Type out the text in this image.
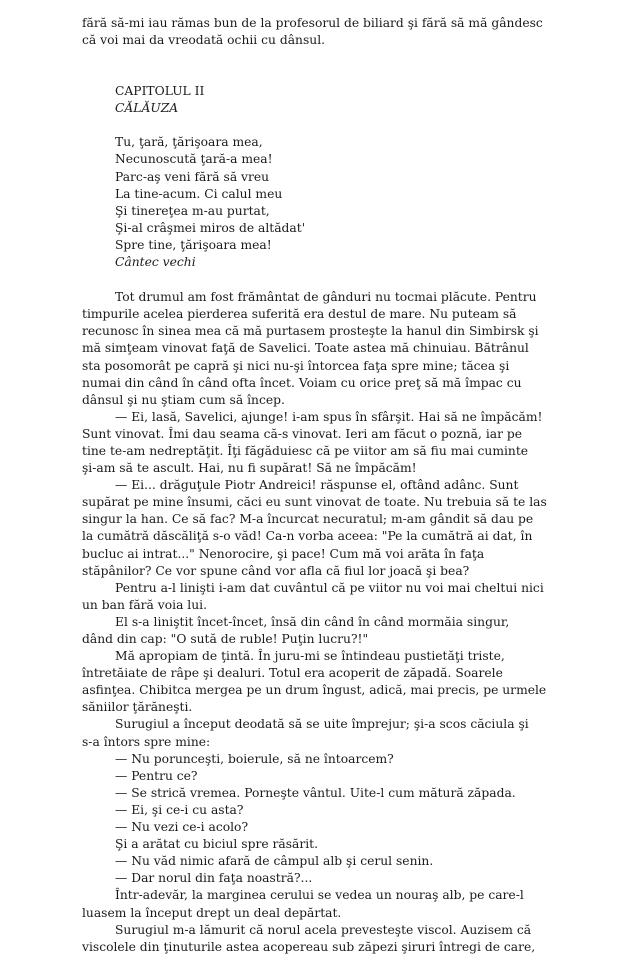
fără să-mi iau rămas bun de la profesorul de biliard şi fără să mă gândesc
că voi mai da vreodată ochii cu dânsul.
CAPITOLUL II
CĂLĂUZA
Tu, ţară, ţărişoara mea,
Necunoscută ţară-a mea!
Parc-aş veni fără să vreu
La tine-acum. Ci calul meu
Şi tinereţea m-au purtat,
Şi-al crâşmei miros de altădat'
Spre tine, ţărişoara mea!
Cântec vechi
Tot drumul am fost frământat de gânduri nu tocmai plăcute. Pentru
timpurile acelea pierderea suferită era destul de mare. Nu puteam să
recunosc în sinea mea că mă purtasem prosteşte la hanul din Simbirsk şi
mă simţeam vinovat faţă de Savelici. Toate astea mă chinuiau. Bătrânul
sta posomorât pe capră şi nici nu-şi întorcea faţa spre mine; tăcea şi
numai din când în când ofta încet. Voiam cu orice preţ să mă împac cu
dânsul şi nu ştiam cum să încep.
— Ei, lasă, Savelici, ajunge! i-am spus în sfârşit. Hai să ne împăcăm!
Sunt vinovat. Îmi dau seama că-s vinovat. Ieri am făcut o poznă, iar pe
tine te-am nedreptăţit. Îţi făgăduiesc că pe viitor am să fiu mai cuminte
şi-am să te ascult. Hai, nu fi supărat! Să ne împăcăm!
— Ei... drăguţule Piotr Andreici! răspunse el, oftând adânc. Sunt
supărat pe mine însumi, căci eu sunt vinovat de toate. Nu trebuia să te las
singur la han. Ce să fac? M-a încurcat necuratul; m-am gândit să dau pe
la cumătră dăscăliţă s-o văd! Ca-n vorba aceea: "Pe la cumătră ai dat, în
bucluc ai intrat..." Nenorocire, şi pace! Cum mă voi arăta în faţa
stăpânilor? Ce vor spune când vor afla că fiul lor joacă şi bea?
Pentru a-l linişti i-am dat cuvântul că pe viitor nu voi mai cheltui nici
un ban fără voia lui.
El s-a liniştit încet-încet, însă din când în când mormăia singur,
dând din cap: "O sută de ruble! Puţin lucru?!"
Mă apropiam de ţintă. În juru-mi se întindeau pustietăţi triste,
întretăiate de râpe şi dealuri. Totul era acoperit de zăpadă. Soarele
asfinţea. Chibitca mergea pe un drum îngust, adică, mai precis, pe urmele
săniilor ţărăneşti.
Surugiul a început deodată să se uite împrejur; şi-a scos căciula şi
s-a întors spre mine:
— Nu porunceşti, boierule, să ne întoarcem?
— Pentru ce?
— Se strică vremea. Porneşte vântul. Uite-l cum mătură zăpada.
— Ei, şi ce-i cu asta?
— Nu vezi ce-i acolo?
Şi a arătat cu biciul spre răsărit.
— Nu văd nimic afară de câmpul alb şi cerul senin.
— Dar norul din faţa noastră?...
Într-adevăr, la marginea cerului se vedea un nouraş alb, pe care-l
luasem la început drept un deal depărtat.
Surugiul m-a lămurit că norul acela prevesteşte viscol. Auzisem că
viscolele din ţinuturile astea acopereau sub zăpezi şiruri întregi de care,
